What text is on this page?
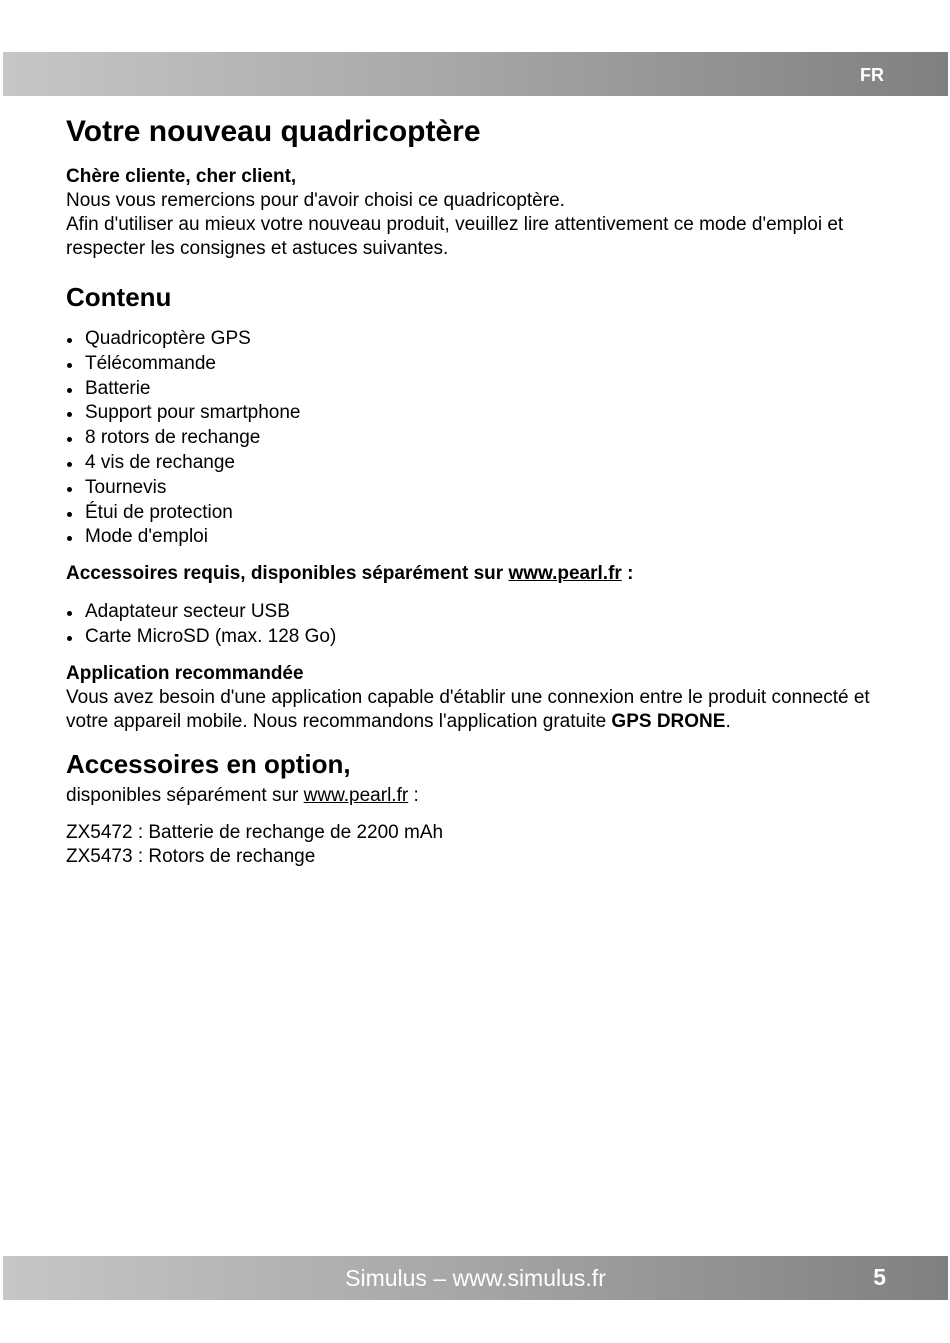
FR
Votre nouveau quadricoptère

Chère cliente, cher client,

Nous vous remercions pour d'avoir choisi ce quadricoptère.

Afin d'utiliser au mieux votre nouveau produit, veuillez lire attentivement ce mode d'emploi et respecter les consignes et astuces suivantes.

Contenu
Quadricoptère GPS
Télécommande
Batterie
Support pour smartphone
8 rotors de rechange
4 vis de rechange
Tournevis
Étui de protection
Mode d'emploi

Accessoires requis, disponibles séparément sur www.pearl.fr :

Adaptateur secteur USB
Carte MicroSD (max. 128 Go)

Application recommandée

Vous avez besoin d'une application capable d'établir une connexion entre le produit connecté et votre appareil mobile. Nous recommandons l'application gratuite GPS DRONE.

Accessoires en option,

disponibles séparément sur www.pearl.fr :

ZX5472 : Batterie de rechange de 2200 mAh

ZX5473 : Rotors de rechange

Simulus – www.simulus.fr	5
